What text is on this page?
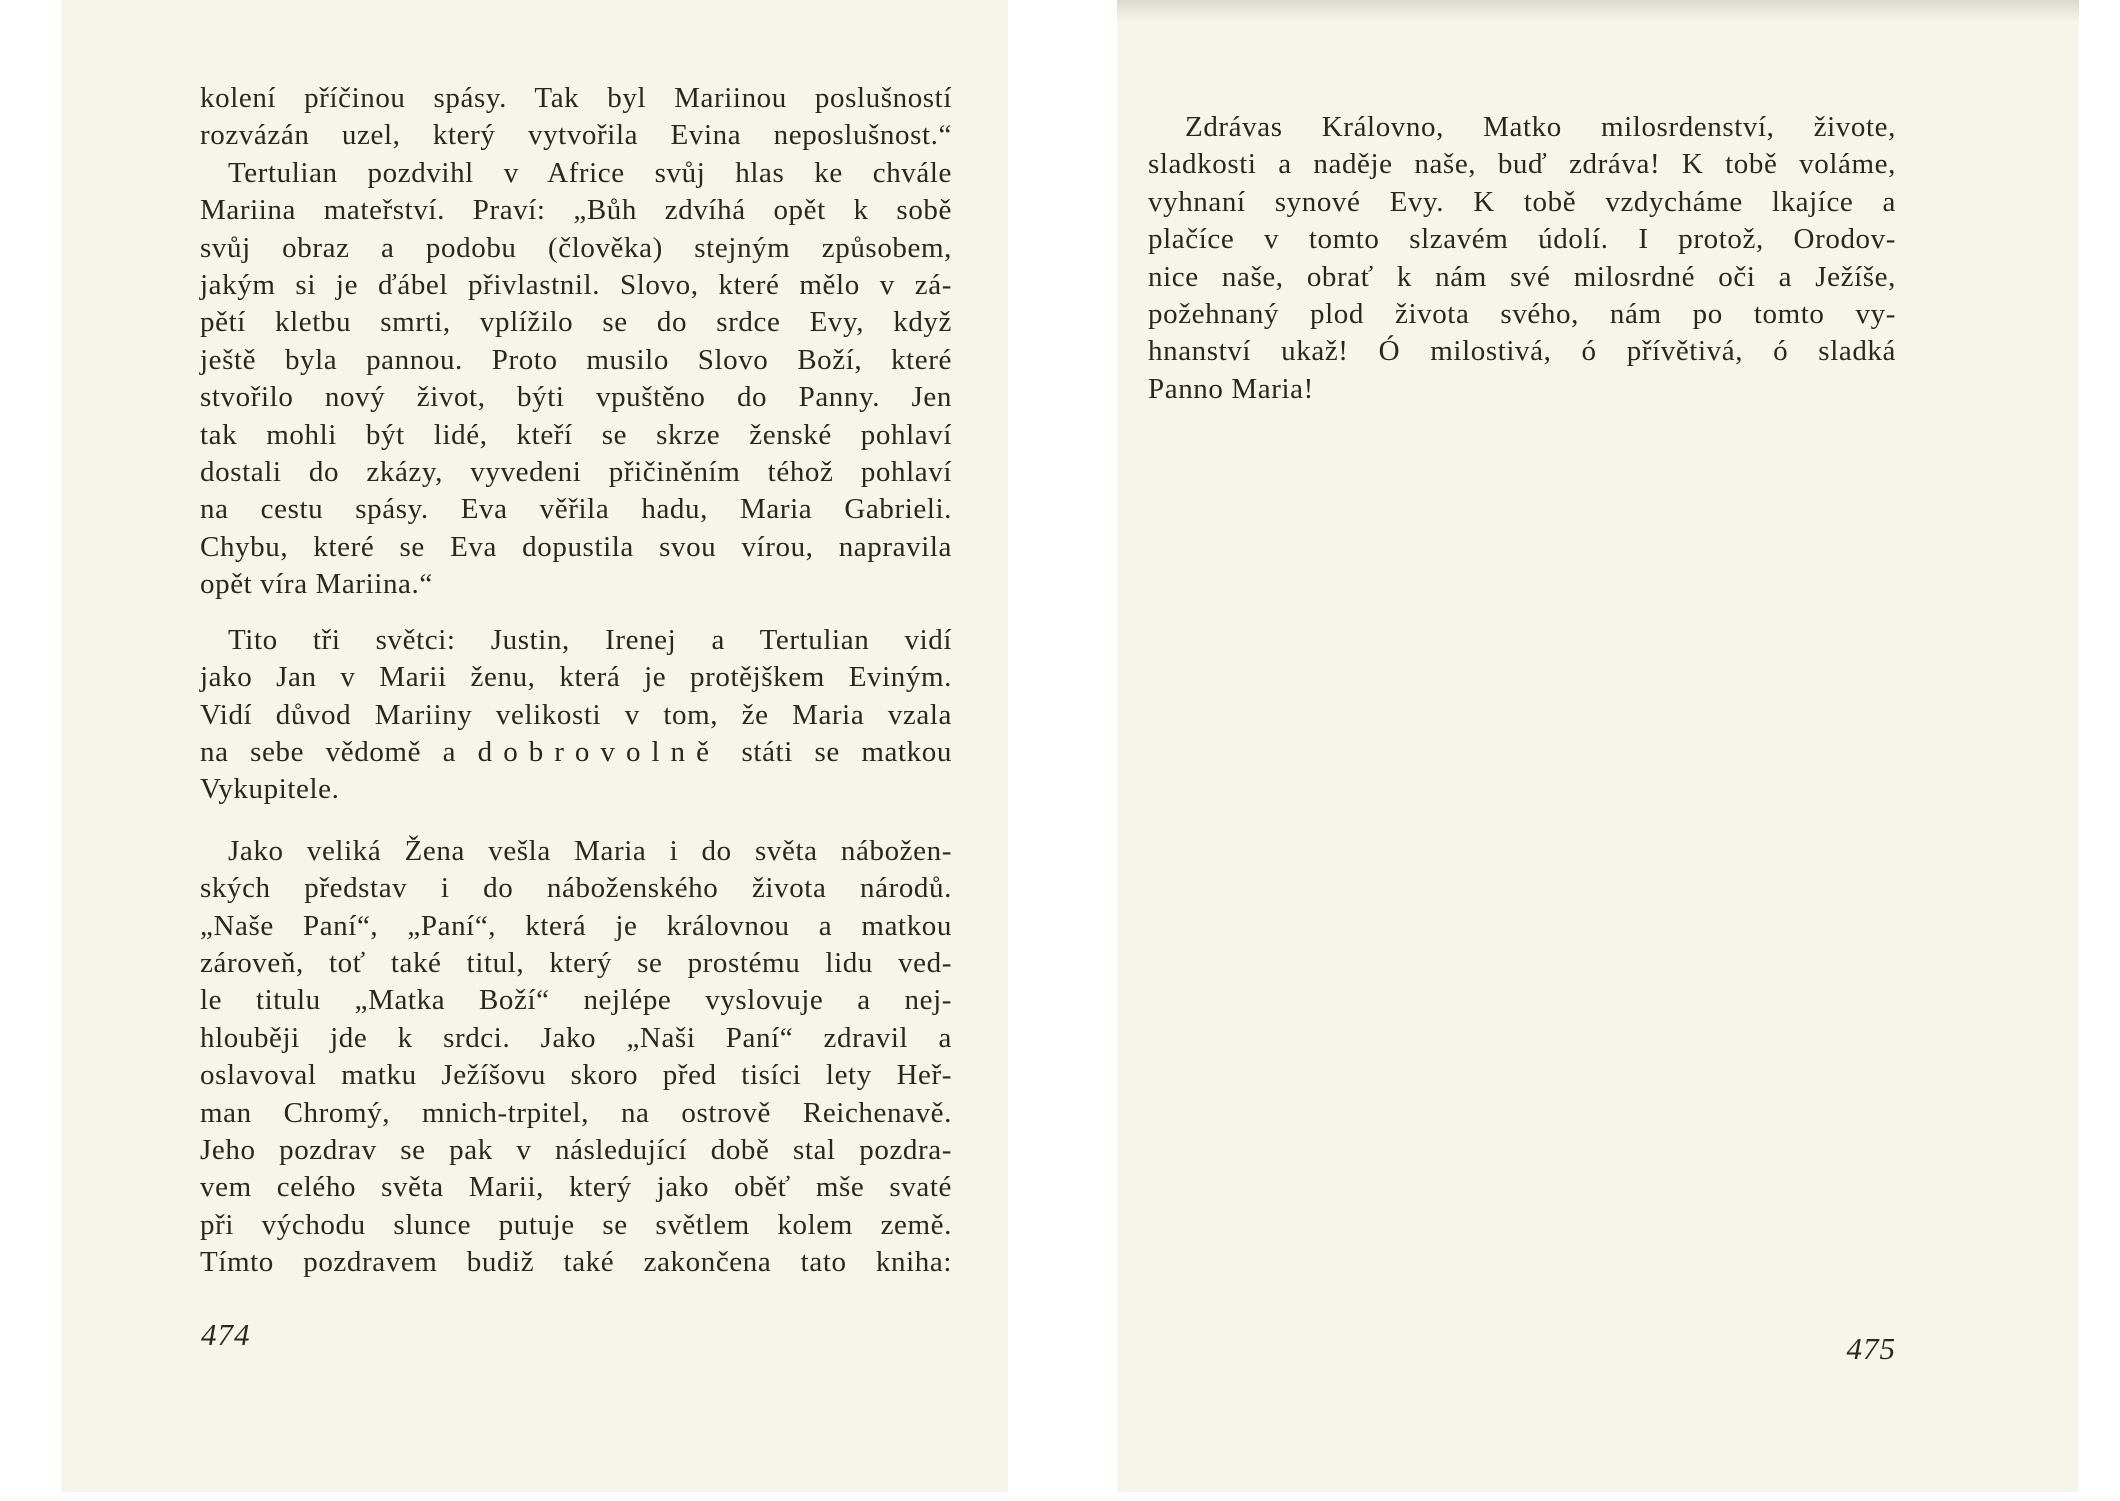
kolení příčinou spásy. Tak byl Mariinou poslušností
rozvázán uzel, který vytvořila Evina neposlušnost.“
Tertulian pozdvihl v Africe svůj hlas ke chvále
Mariina mateřství. Praví: „Bůh zdvíhá opět k sobě
svůj obraz a podobu (člověka) stejným způsobem,
jakým si je ďábel přivlastnil. Slovo, které mělo v zá-
pětí kletbu smrti, vplížilo se do srdce Evy, když
ještě byla pannou. Proto musilo Slovo Boží, které
stvořilo nový život, býti vpuštěno do Panny. Jen
tak mohli být lidé, kteří se skrze ženské pohlaví
dostali do zkázy, vyvedeni přičiněním téhož pohlaví
na cestu spásy. Eva věřila hadu, Maria Gabrieli.
Chybu, které se Eva dopustila svou vírou, napravila
opět víra Mariina.“
Tito tři světci: Justin, Irenej a Tertulian vidí
jako Jan v Marii ženu, která je protějškem Eviným.
Vidí důvod Mariiny velikosti v tom, že Maria vzala
na sebe vědomě a dobrovolně státi se matkou
Vykupitele.
Jako veliká Žena vešla Maria i do světa nábožen-
ských představ i do náboženského života národů.
„Naše Paní“, „Paní“, která je královnou a matkou
zároveň, toť také titul, který se prostému lidu ved-
le titulu „Matka Boží“ nejlépe vyslovuje a nej-
hlouběji jde k srdci. Jako „Naši Paní“ zdravil a
oslavoval matku Ježíšovu skoro před tisíci lety Heř-
man Chromý, mnich-trpitel, na ostrově Reichenavě.
Jeho pozdrav se pak v následující době stal pozdra-
vem celého světa Marii, který jako oběť mše svaté
při východu slunce putuje se světlem kolem země.
Tímto pozdravem budiž také zakončena tato kniha:
474
Zdrávas Královno, Matko milosrdenství, živote,
sladkosti a naděje naše, buď zdráva! K tobě voláme,
vyhnaní synové Evy. K tobě vzdycháme lkajíce a
plačíce v tomto slzavém údolí. I protož, Orodov-
nice naše, obrať k nám své milosrdné oči a Ježíše,
požehnaný plod života svého, nám po tomto vy-
hnanství ukaž! Ó milostivá, ó přívětivá, ó sladká
Panno Maria!
475
